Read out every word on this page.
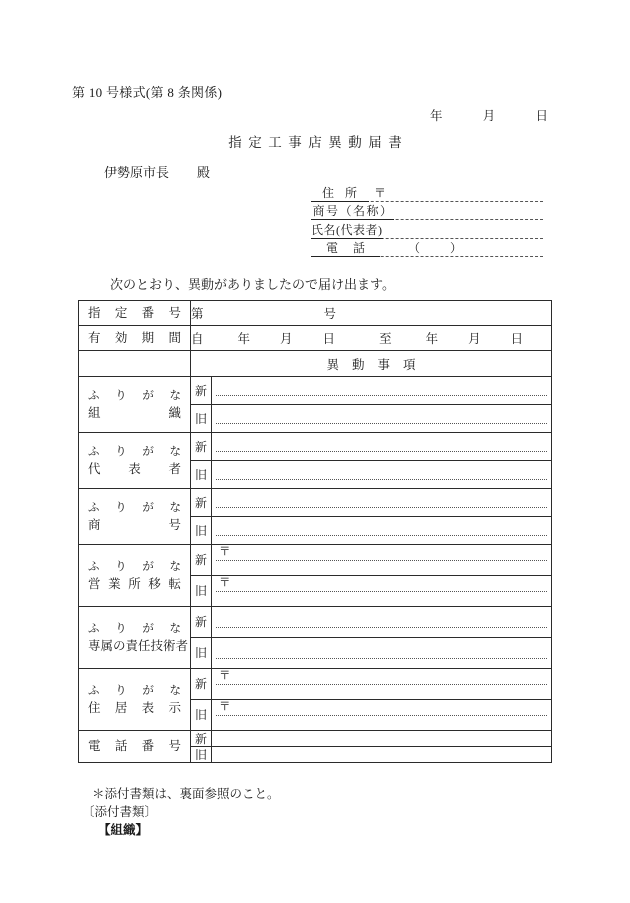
第 10 号様式(第 8 条関係)
年	月	日
指定工事店異動届書
伊勢原市長 殿
住所 〒
商号（名称）
氏名(代表者)
電話	（　）
次のとおり、異動がありましたので届け出ます。
指定番号	第 号	

有効期間	自 年 月 日 至 年 月 日	
	異動事項	

ふりがな
組織	新	

	旧	

ふりがな
代表者	新	

	旧	

ふりがな
商号	新	

	旧	

ふりがな
営業所移転	新	〒

	旧	〒

ふりがな
専属の責任技術者	新	

	旧	

ふりがな
住居表示	新	〒

	旧	〒

電話番号	新	
	旧	
＊添付書類は、裏面参照のこと。
〔添付書類〕
【組織】
